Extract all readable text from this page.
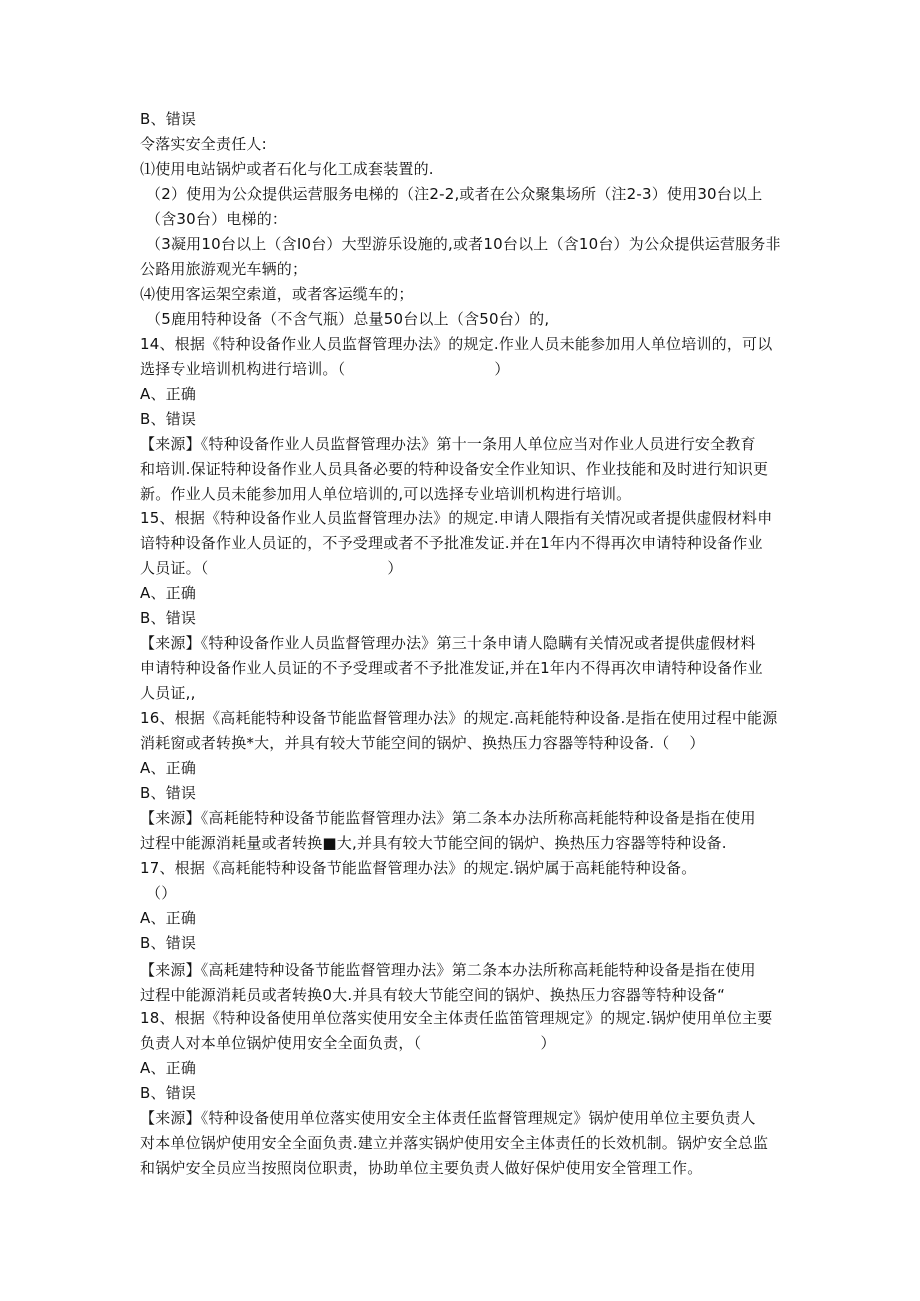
B、错误
令落实安全责任人:
⑴使用电站锅炉或者石化与化工成套装置的.
（2）使用为公众提供运营服务电梯的（注2-2,或者在公众聚集场所（注2-3）使用30台以上
（含30台）电梯的：
（3凝用10台以上（含I0台）大型游乐设施的,或者10台以上（含10台）为公众提供运营服务非
公路用旅游观光车辆的；
⑷使用客运架空索道，或者客运缆车的；
（5鹿用特种设备（不含气瓶）总量50台以上（含50台）的,
14、根据《特种设备作业人员监督管理办法》的规定.作业人员未能参加用人单位培训的，可以
选择专业培训机构进行培训。（                              ）
A、正确
B、错误
【来源】《特种设备作业人员监督管理办法》第十一条用人单位应当对作业人员进行安全教育
和培训.保证特种设备作业人员具备必要的特种设备安全作业知识、作业技能和及时进行知识更
新。作业人员未能参加用人单位培训的,可以选择专业培训机构进行培训。
15、根据《特种设备作业人员监督管理办法》的规定.申请人隈指有关情况或者提供虚假材料申
谙特种设备作业人员证的，不予受理或者不予批准发证.并在1年内不得再次申请特种设备作业
人员证。（                                    ）
A、正确
B、错误
【来源】《特种设备作业人员监督管理办法》第三十条申请人隐瞒有关情况或者提供虚假材料
申请特种设备作业人员证的不予受理或者不予批准发证,并在1年内不得再次申请特种设备作业
人员证,,
16、根据《高耗能特种设备节能监督管理办法》的规定.高耗能特种设备.是指在使用过程中能源
消耗窗或者转换*大，并具有较大节能空间的锅炉、换热压力容器等特种设备.（    ）
A、正确
B、错误
【来源】《高耗能特种设备节能监督管理办法》第二条本办法所称高耗能特种设备是指在使用
过程中能源消耗量或者转换■大,并具有较大节能空间的锅炉、换热压力容器等特种设备.
17、根据《高耗能特种设备节能监督管理办法》的规定.锅炉属于高耗能特种设备。
（）
A、正确
B、错误
【来源】《高耗建特种设备节能监督管理办法》第二条本办法所称高耗能特种设备是指在使用
过程中能源消耗员或者转换0大.并具有较大节能空间的锅炉、换热压力容器等特种设备“
18、根据《特种设备使用单位落实使用安全主体责任监笛管理规定》的规定.锅炉使用单位主要
负责人对本单位锅炉使用安全全面负责，（                        ）
A、正确
B、错误
【来源】《特种设备使用单位落实使用安全主体责任监督管理规定》锅炉使用单位主要负责人
对本单位锅炉使用安全全面负责.建立并落实锅炉使用安全主体责任的长效机制。锅炉安全总监
和锅炉安全员应当按照岗位职责，协助单位主要负责人做好保炉使用安全管理工作。
